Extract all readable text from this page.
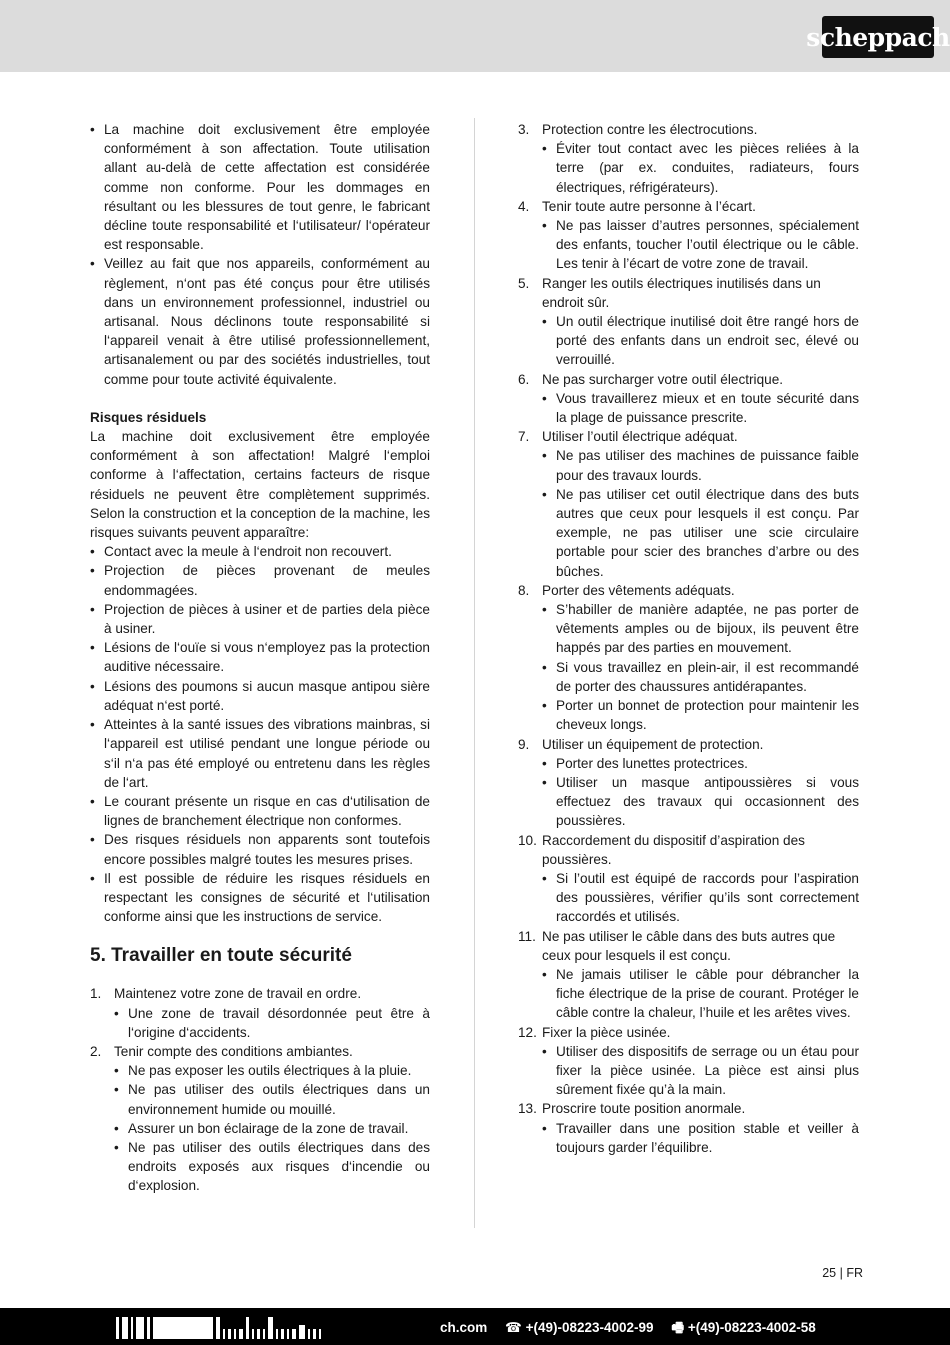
scheppach
• La machine doit exclusivement être employée conformément à son affectation. Toute utilisation allant au-delà de cette affectation est considérée comme non conforme. Pour les dommages en résultant ou les blessures de tout genre, le fabricant décline toute responsabilité et l‘utilisateur/ l‘opérateur est responsable.
• Veillez au fait que nos appareils, conformément au règlement, n‘ont pas été conçus pour être utilisés dans un environnement professionnel, industriel ou artisanal. Nous déclinons toute responsabilité si l‘appareil venait à être utilisé professionnellement, artisanalement ou par des sociétés industrielles, tout comme pour toute activité équivalente.
Risques résiduels

La machine doit exclusivement être employée conformément à son affectation! Malgré l‘emploi conforme à l‘affectation, certains facteurs de risque résiduels ne peuvent être complètement supprimés. Selon la construction et la conception de la machine, les risques suivants peuvent apparaître:

• Contact avec la meule à l‘endroit non recouvert.
• Projection de pièces provenant de meules endommagées.
• Projection de pièces à usiner et de parties dela pièce à usiner.
• Lésions de l‘ouïe si vous n‘employez pas la protection auditive nécessaire.
• Lésions des poumons si aucun masque antipou sière adéquat n‘est porté.
• Atteintes à la santé issues des vibrations mainbras, si l‘appareil est utilisé pendant une longue période ou s‘il n‘a pas été employé ou entretenu dans les règles de l‘art.
• Le courant présente un risque en cas d‘utilisation de lignes de branchement électrique non conformes.
• Des risques résiduels non apparents sont toutefois encore possibles malgré toutes les mesures prises.
• Il est possible de réduire les risques résiduels en respectant les consignes de sécurité et l‘utilisation conforme ainsi que les instructions de service.
5. Travailler en toute sécurité
1. Maintenez votre zone de travail en ordre.
• Une zone de travail désordonnée peut être à l‘origine d‘accidents.
2. Tenir compte des conditions ambiantes.
• Ne pas exposer les outils électriques à la pluie.
• Ne pas utiliser des outils électriques dans un environnement humide ou mouillé.
• Assurer un bon éclairage de la zone de travail.
• Ne pas utiliser des outils électriques dans des endroits exposés aux risques d‘incendie ou d‘explosion.
3. Protection contre les électrocutions.
• Éviter tout contact avec les pièces reliées à la terre (par ex. conduites, radiateurs, fours électriques, réfrigérateurs).
4. Tenir toute autre personne à l’écart.
• Ne pas laisser d’autres personnes, spécialement des enfants, toucher l’outil électrique ou le câble. Les tenir à l’écart de votre zone de travail.
5. Ranger les outils électriques inutilisés dans un endroit sûr.
• Un outil électrique inutilisé doit être rangé hors de porté des enfants dans un endroit sec, élevé ou verrouillé.
6. Ne pas surcharger votre outil électrique.
• Vous travaillerez mieux et en toute sécurité dans la plage de puissance prescrite.
7. Utiliser l’outil électrique adéquat.
• Ne pas utiliser des machines de puissance faible pour des travaux lourds.
• Ne pas utiliser cet outil électrique dans des buts autres que ceux pour lesquels il est conçu. Par exemple, ne pas utiliser une scie circulaire portable pour scier des branches d’arbre ou des bûches.
8. Porter des vêtements adéquats.
• S’habiller de manière adaptée, ne pas porter de vêtements amples ou de bijoux, ils peuvent être happés par des parties en mouvement.
• Si vous travaillez en plein-air, il est recommandé de porter des chaussures antidérapantes.
• Porter un bonnet de protection pour maintenir les cheveux longs.
9. Utiliser un équipement de protection.
• Porter des lunettes protectrices.
• Utiliser un masque antipoussières si vous effectuez des travaux qui occasionnent des poussières.
10. Raccordement du dispositif d’aspiration des poussières.
• Si l’outil est équipé de raccords pour l’aspiration des poussières, vérifier qu’ils sont correctement raccordés et utilisés.
11. Ne pas utiliser le câble dans des buts autres que ceux pour lesquels il est conçu.
• Ne jamais utiliser le câble pour débrancher la fiche électrique de la prise de courant. Protéger le câble contre la chaleur, l’huile et les arêtes vives.
12. Fixer la pièce usinée.
• Utiliser des dispositifs de serrage ou un étau pour fixer la pièce usinée. La pièce est ainsi plus sûrement fixée qu’à la main.
13. Proscrire toute position anormale.
• Travailler dans une position stable et veiller à toujours garder l’équilibre.
25 | FR
ch.com ☎ +(49)-08223-4002-99 🖷 +(49)-08223-4002-58
